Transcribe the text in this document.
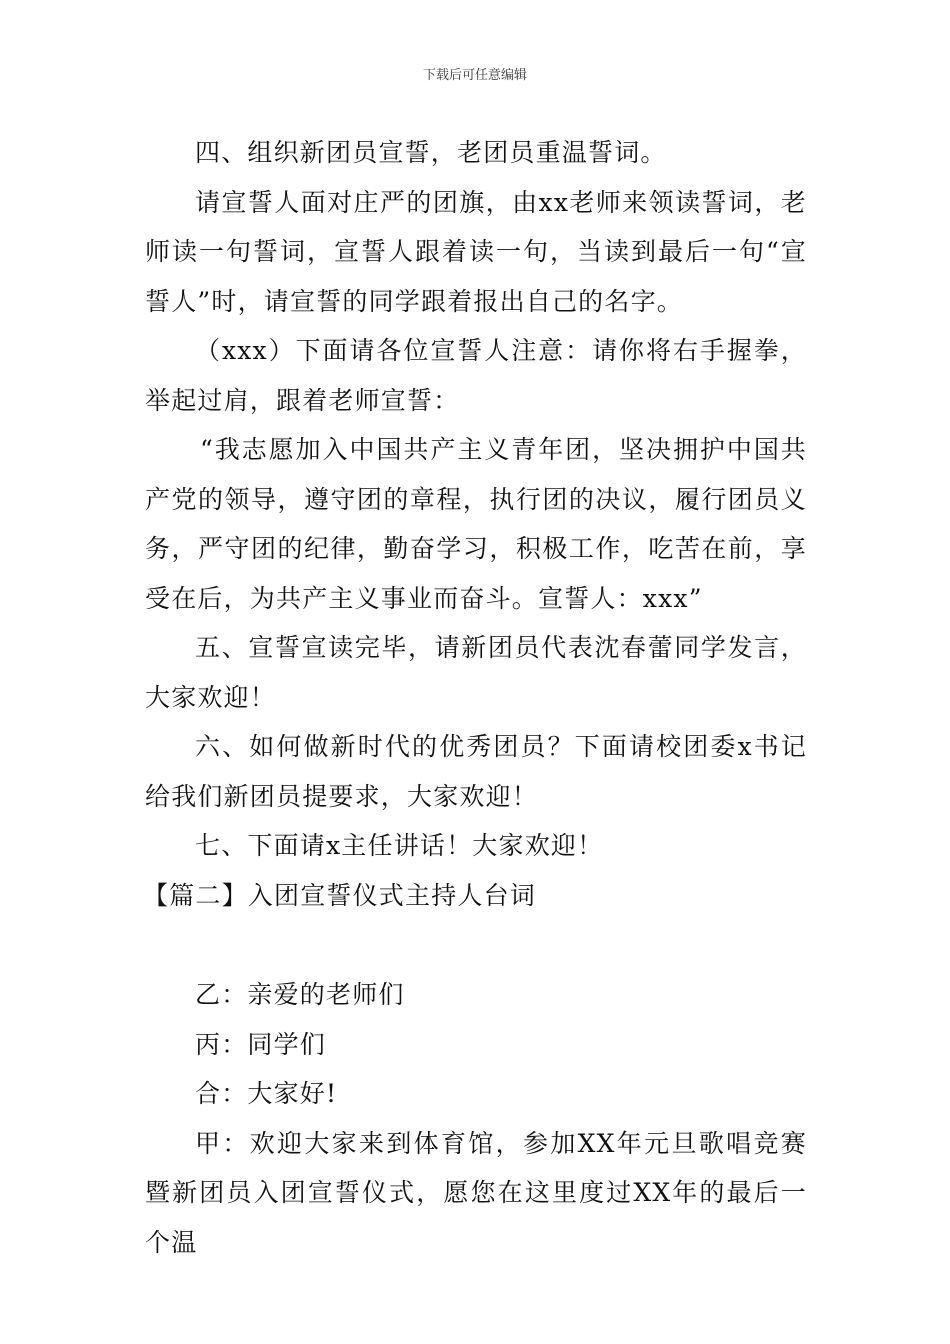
下载后可任意编辑

四、组织新团员宣誓，老团员重温誓词。

请宣誓人面对庄严的团旗，由xx老师来领读誓词，老师读一句誓词，宣誓人跟着读一句，当读到最后一句“宣誓人”时，请宣誓的同学跟着报出自己的名字。

（xxx）下面请各位宣誓人注意：请你将右手握拳，举起过肩，跟着老师宣誓：

“我志愿加入中国共产主义青年团，坚决拥护中国共产党的领导，遵守团的章程，执行团的决议，履行团员义务，严守团的纪律，勤奋学习，积极工作，吃苦在前，享受在后，为共产主义事业而奋斗。宣誓人：xxx”

五、宣誓宣读完毕，请新团员代表沈春蕾同学发言，大家欢迎！

六、如何做新时代的优秀团员？下面请校团委x书记给我们新团员提要求，大家欢迎！

七、下面请x主任讲话！大家欢迎！

【篇二】入团宣誓仪式主持人台词

乙：亲爱的老师们

丙：同学们

合：大家好!

甲：欢迎大家来到体育馆，参加XX年元旦歌唱竞赛暨新团员入团宣誓仪式，愿您在这里度过XX年的最后一个温
